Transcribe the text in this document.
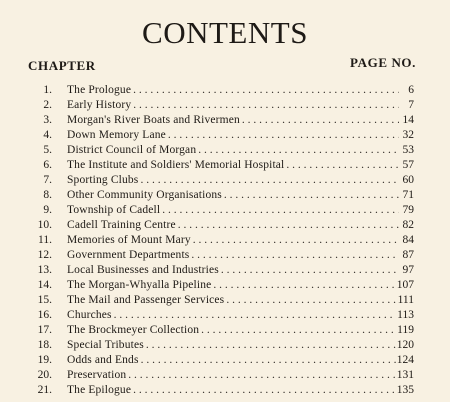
CONTENTS
CHAPTER	PAGE NO.
1. The Prologue . . .	6
2. Early History . . .	7
3. Morgan's River Boats and Rivermen . . .	14
4. Down Memory Lane . . .	32
5. District Council of Morgan . . .	53
6. The Institute and Soldiers' Memorial Hospital . . .	57
7. Sporting Clubs . . .	60
8. Other Community Organisations . . .	71
9. Township of Cadell . . .	79
10. Cadell Training Centre . . .	82
11. Memories of Mount Mary . . .	84
12. Government Departments . . .	87
13. Local Businesses and Industries . . .	97
14. The Morgan-Whyalla Pipeline . . .	107
15. The Mail and Passenger Services . . .	111
16. Churches . . .	113
17. The Brockmeyer Collection . . .	119
18. Special Tributes . . .	120
19. Odds and Ends . . .	124
20. Preservation . . .	131
21. The Epilogue . . .	135
